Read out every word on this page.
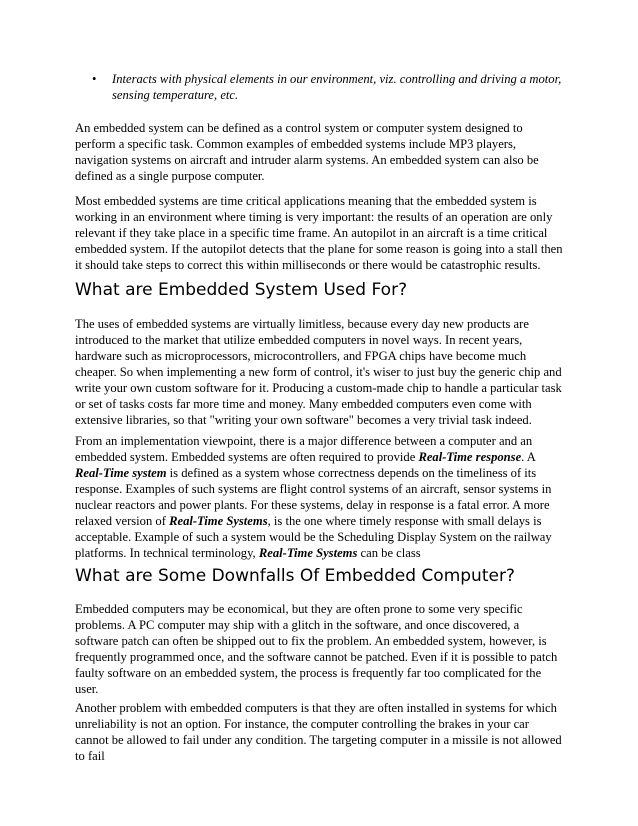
•	Interacts with physical elements in our environment, viz. controlling and driving a motor, sensing temperature, etc.

An embedded system can be defined as a control system or computer system designed to perform a specific task. Common examples of embedded systems include MP3 players, navigation systems on aircraft and intruder alarm systems. An embedded system can also be defined as a single purpose computer.

Most embedded systems are time critical applications meaning that the embedded system is working in an environment where timing is very important: the results of an operation are only relevant if they take place in a specific time frame. An autopilot in an aircraft is a time critical embedded system. If the autopilot detects that the plane for some reason is going into a stall then it should take steps to correct this within milliseconds or there would be catastrophic results.

What are Embedded System Used For?

The uses of embedded systems are virtually limitless, because every day new products are introduced to the market that utilize embedded computers in novel ways. In recent years, hardware such as microprocessors, microcontrollers, and FPGA chips have become much cheaper. So when implementing a new form of control, it's wiser to just buy the generic chip and write your own custom software for it. Producing a custom-made chip to handle a particular task or set of tasks costs far more time and money. Many embedded computers even come with extensive libraries, so that "writing your own software" becomes a very trivial task indeed.

From an implementation viewpoint, there is a major difference between a computer and an embedded system. Embedded systems are often required to provide Real-Time response. A Real-Time system is defined as a system whose correctness depends on the timeliness of its response. Examples of such systems are flight control systems of an aircraft, sensor systems in nuclear reactors and power plants. For these systems, delay in response is a fatal error. A more relaxed version of Real-Time Systems, is the one where timely response with small delays is acceptable. Example of such a system would be the Scheduling Display System on the railway platforms. In technical terminology, Real-Time Systems can be class

What are Some Downfalls Of Embedded Computer?

Embedded computers may be economical, but they are often prone to some very specific problems. A PC computer may ship with a glitch in the software, and once discovered, a software patch can often be shipped out to fix the problem. An embedded system, however, is frequently programmed once, and the software cannot be patched. Even if it is possible to patch faulty software on an embedded system, the process is frequently far too complicated for the user.

Another problem with embedded computers is that they are often installed in systems for which unreliability is not an option. For instance, the computer controlling the brakes in your car cannot be allowed to fail under any condition. The targeting computer in a missile is not allowed to fail
